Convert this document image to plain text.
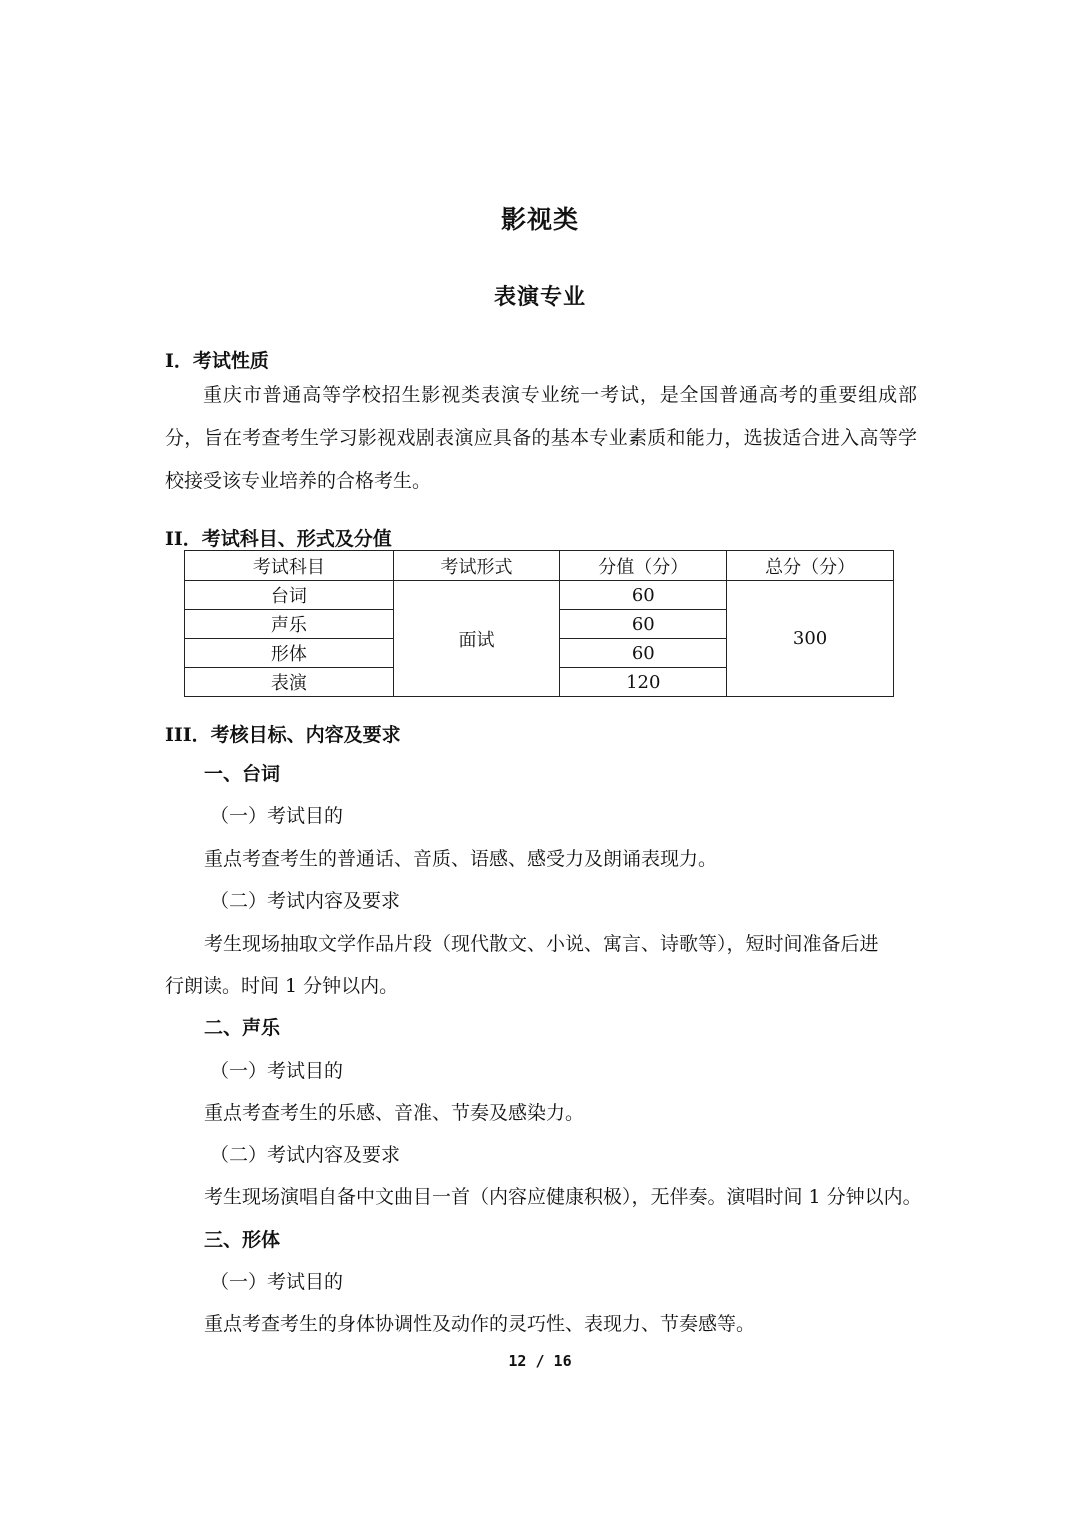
影视类
表演专业
I．考试性质
重庆市普通高等学校招生影视类表演专业统一考试，是全国普通高考的重要组成部分，旨在考查考生学习影视戏剧表演应具备的基本专业素质和能力，选拔适合进入高等学校接受该专业培养的合格考生。
II．考试科目、形式及分值
考试科目	考试形式	分值（分）	总分（分）
台词	面试	60	300
声乐		60	
形体		60	
表演		120	
III．考核目标、内容及要求
一、台词
（一）考试目的
重点考查考生的普通话、音质、语感、感受力及朗诵表现力。
（二）考试内容及要求
考生现场抽取文学作品片段（现代散文、小说、寓言、诗歌等），短时间准备后进
行朗读。时间 1 分钟以内。
二、声乐
（一）考试目的
重点考查考生的乐感、音准、节奏及感染力。
（二）考试内容及要求
考生现场演唱自备中文曲目一首（内容应健康积极），无伴奏。演唱时间 1 分钟以内。
三、形体
（一）考试目的
重点考查考生的身体协调性及动作的灵巧性、表现力、节奏感等。
12 / 16
